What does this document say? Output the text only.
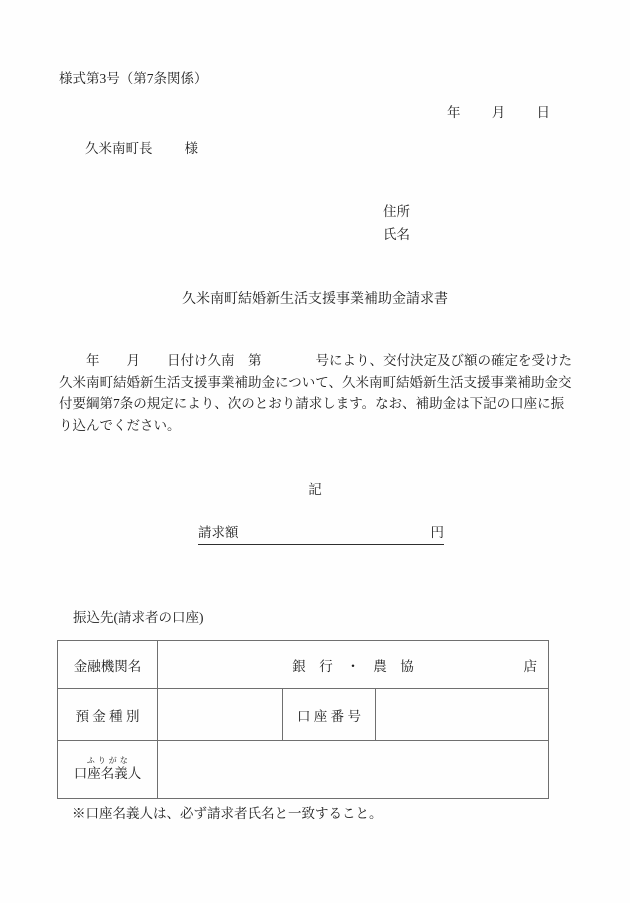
様式第3号（第7条関係）
年 月 日
久米南町長 様
住所
氏名
久米南町結婚新生活支援事業補助金請求書
　　年　　月　　日付け久南　第　　　　号により、交付決定及び額の確定を受けた
久米南町結婚新生活支援事業補助金について、久米南町結婚新生活支援事業補助金交
付要綱第7条の規定により、次のとおり請求します。なお、補助金は下記の口座に振
り込んでください。
記
請求額	円
振込先(請求者の口座)
金融機関名	銀　行　・　農　協 店		

預 金 種 別		口 座 番 号	

ふ り が な
口座名義人			

※口座名義人は、必ず請求者氏名と一致すること。
